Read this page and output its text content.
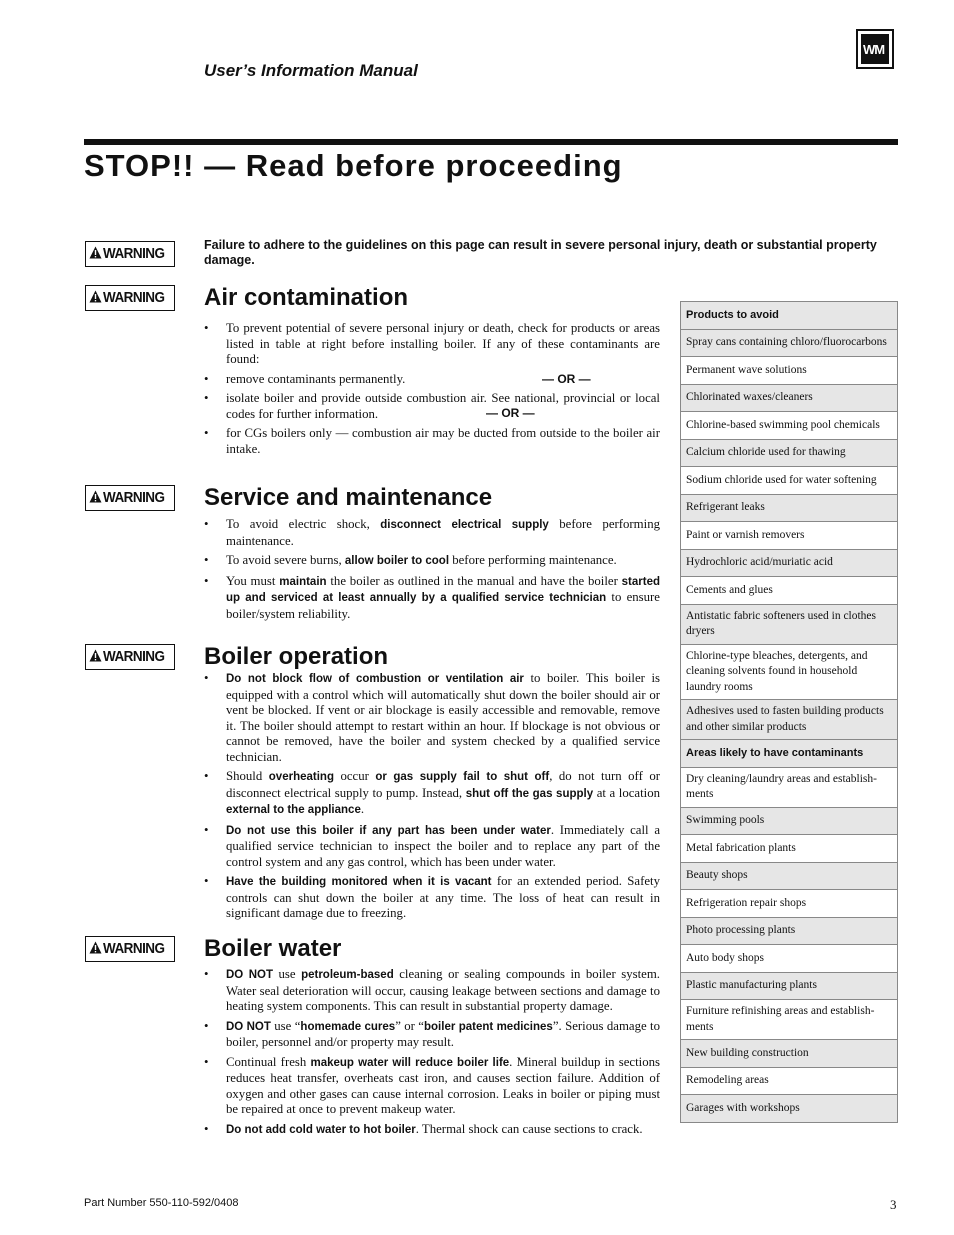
User’s Information Manual
WM
STOP!! — Read before proceeding
WARNING	Failure to adhere to the guidelines on this page can result in severe personal injury, death or substantial property damage.
WARNING Air contamination
• To prevent potential of severe personal injury or death, check for products or areas listed in table at right before installing boiler. If any of these contaminants are found:
• remove contaminants permanently.	— OR —
• isolate boiler and provide outside combustion air. See national, provincial or local codes for further information.	— OR —
• for CGs boilers only — combustion air may be ducted from outside to the boiler air intake.
WARNING Service and maintenance
• To avoid electric shock, disconnect electrical supply before performing maintenance.
• To avoid severe burns, allow boiler to cool before performing maintenance.
• You must maintain the boiler as outlined in the manual and have the boiler started up and serviced at least annually by a qualified service technician to ensure boiler/system reliability.
WARNING Boiler operation
• Do not block flow of combustion or ventilation air to boiler. This boiler is equipped with a control which will automatically shut down the boiler should air or vent be blocked. If vent or air blockage is easily accessible and removable, remove it. The boiler should attempt to restart within an hour. If blockage is not obvious or cannot be removed, have the boiler and system checked by a qualified service technician.
• Should overheating occur or gas supply fail to shut off, do not turn off or disconnect electrical supply to pump. Instead, shut off the gas supply at a location external to the appliance.
• Do not use this boiler if any part has been under water. Immediately call a qualified service technician to inspect the boiler and to replace any part of the control system and any gas control, which has been under water.
• Have the building monitored when it is vacant for an extended period. Safety controls can shut down the boiler at any time. The loss of heat can result in significant damage due to freezing.
WARNING Boiler water
• DO NOT use petroleum-based cleaning or sealing compounds in boiler system. Water seal deterioration will occur, causing leakage between sections and damage to heating system components. This can result in substantial property damage.
• DO NOT use “homemade cures” or “boiler patent medicines”. Serious damage to boiler, personnel and/or property may result.
• Continual fresh makeup water will reduce boiler life. Mineral buildup in sections reduces heat transfer, overheats cast iron, and causes section failure. Addition of oxygen and other gases can cause internal corrosion. Leaks in boiler or piping must be repaired at once to prevent makeup water.
• Do not add cold water to hot boiler. Thermal shock can cause sections to crack.
Products to avoid
Spray cans containing chloro/fluorocarbons
Permanent wave solutions
Chlorinated waxes/cleaners
Chlorine-based swimming pool chemicals
Calcium chloride used for thawing
Sodium chloride used for water softening
Refrigerant leaks
Paint or varnish removers
Hydrochloric acid/muriatic acid
Cements and glues
Antistatic fabric softeners used in clothes dryers
Chlorine-type bleaches, detergents, and cleaning solvents found in household laundry rooms
Adhesives used to fasten building products and other similar products
Areas likely to have contaminants
Dry cleaning/laundry areas and establishments
Swimming pools
Metal fabrication plants
Beauty shops
Refrigeration repair shops
Photo processing plants
Auto body shops
Plastic manufacturing plants
Furniture refinishing areas and establishments
New building construction
Remodeling areas
Garages with workshops
Part Number 550-110-592/0408	3
